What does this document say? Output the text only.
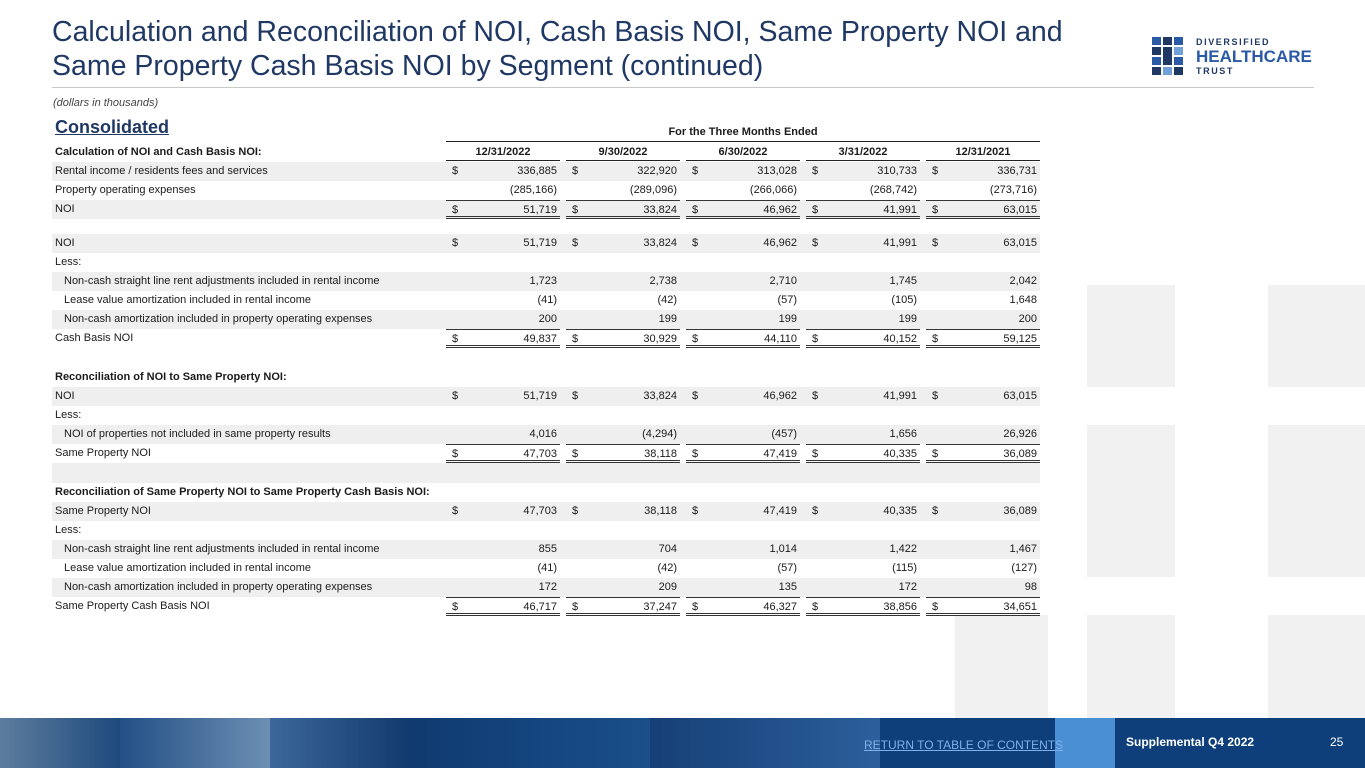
Calculation and Reconciliation of NOI, Cash Basis NOI, Same Property NOI and Same Property Cash Basis NOI by Segment (continued)
(dollars in thousands)
DIVERSIFIED
HEALTHCARE
TRUST
Consolidated	For the Three Months Ended
Calculation of NOI and Cash Basis NOI:	12/31/2022	9/30/2022	6/30/2022	3/31/2022	12/31/2021
Rental income / residents fees and services	$	336,885 $	322,920 $	313,028 $	310,733 $	336,731
Property operating expenses	(285,166)	(289,096)	(266,066)	(268,742)	(273,716)
NOI	$	51,719 $	33,824 $	46,962 $	41,991 $	63,015
NOI	$	51,719 $	33,824 $	46,962 $	41,991 $	63,015
Less:
Non-cash straight line rent adjustments included in rental income	1,723	2,738	2,710	1,745	2,042
Lease value amortization included in rental income	(41)	(42)	(57)	(105)	1,648
Non-cash amortization included in property operating expenses	200	199	199	199	200
Cash Basis NOI	$	49,837 $	30,929 $	44,110 $	40,152 $	59,125
Reconciliation of NOI to Same Property NOI:
NOI	$	51,719 $	33,824 $	46,962 $	41,991 $	63,015
Less:
NOI of properties not included in same property results	4,016	(4,294)	(457)	1,656	26,926
Same Property NOI	$	47,703 $	38,118 $	47,419 $	40,335 $	36,089
Reconciliation of Same Property NOI to Same Property Cash Basis NOI:
Same Property NOI	$	47,703 $	38,118 $	47,419 $	40,335 $	36,089
Less:
Non-cash straight line rent adjustments included in rental income	855	704	1,014	1,422	1,467
Lease value amortization included in rental income	(41)	(42)	(57)	(115)	(127)
Non-cash amortization included in property operating expenses	172	209	135	172	98
Same Property Cash Basis NOI	$	46,717 $	37,247 $	46,327 $	38,856 $	34,651
RETURN TO TABLE OF CONTENTS	Supplemental Q4 2022	25
